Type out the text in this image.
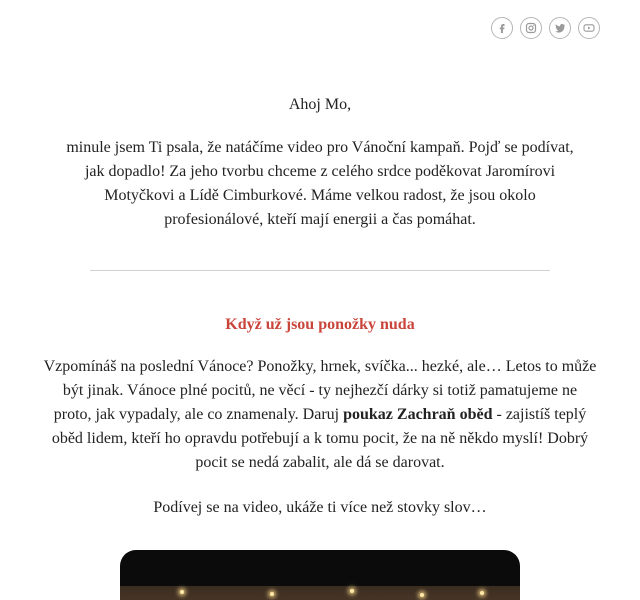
Ahoj Mo,
minule jsem Ti psala, že natáčíme video pro Vánoční kampaň. Pojď se podívat,
jak dopadlo! Za jeho tvorbu chceme z celého srdce poděkovat Jaromírovi
Motyčkovi a Lídě Cimburkové. Máme velkou radost, že jsou okolo
profesionálové, kteří mají energii a čas pomáhat.
Když už jsou ponožky nuda
Vzpomínáš na poslední Vánoce? Ponožky, hrnek, svíčka... hezké, ale… Letos to může
být jinak. Vánoce plné pocitů, ne věcí - ty nejhezčí dárky si totiž pamatujeme ne
proto, jak vypadaly, ale co znamenaly. Daruj poukaz Zachraň oběd - zajistíš teplý
oběd lidem, kteří ho opravdu potřebují a k tomu pocit, že na ně někdo myslí! Dobrý
pocit se nedá zabalit, ale dá se darovat.
Podívej se na video, ukáže ti více než stovky slov…
